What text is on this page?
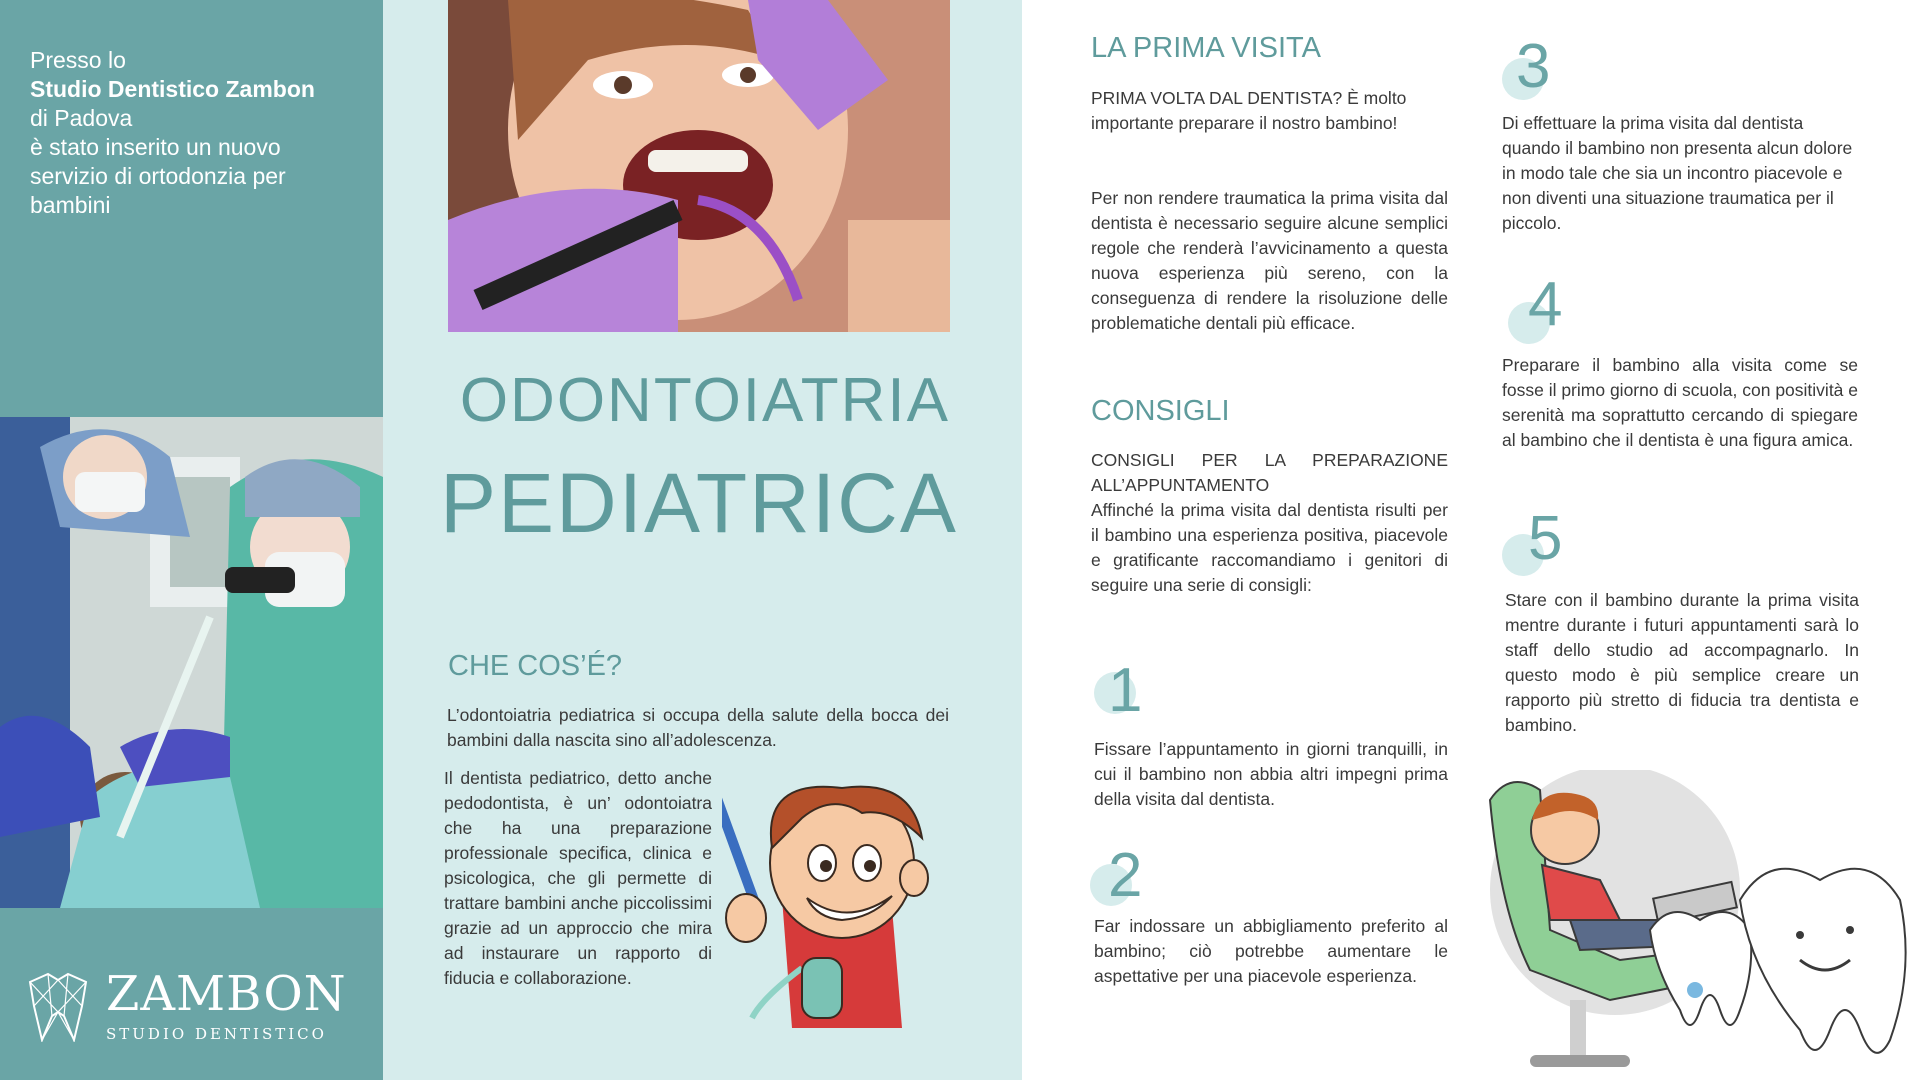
Presso lo
Studio Dentistico Zambon
di Padova
è stato inserito un nuovo
servizio di ortodonzia per
bambini
ZAMBON
STUDIO DENTISTICO
ODONTOIATRIA
PEDIATRICA
CHE COS’É?
L’odontoiatria pediatrica si occupa della salute della bocca dei bambini dalla nascita sino all’adolescenza.
Il dentista pediatrico, detto anche pedodontista, è un’ odontoiatra che ha una preparazione professionale specifica, clinica e psicologica, che gli permette di trattare bambini anche piccolissimi grazie ad un approccio che mira ad instaurare un rapporto di fiducia e collaborazione.
LA PRIMA VISITA
PRIMA VOLTA DAL DENTISTA? È molto importante preparare il nostro bambino!
Per non rendere traumatica la prima visita dal dentista è necessario seguire alcune semplici regole che renderà l’avvicinamento a questa nuova esperienza più sereno, con la conseguenza di rendere la risoluzione delle problematiche dentali più efficace.
CONSIGLI
CONSIGLI PER LA PREPARAZIONE ALL’APPUNTAMENTO
Affinché la prima visita dal dentista risulti per il bambino una esperienza positiva, piacevole e gratificante raccomandiamo i genitori di seguire una serie di consigli:
1
Fissare l’appuntamento in giorni tranquilli, in cui il bambino non abbia altri impegni prima della visita dal dentista.
2
Far indossare un abbigliamento preferito al bambino; ciò potrebbe aumentare le aspettative per una piacevole esperienza.
3
Di effettuare la prima visita dal dentista quando il bambino non presenta alcun dolore in modo tale che sia un incontro piacevole e non diventi una situazione traumatica per il piccolo.
4
Preparare il bambino alla visita come se fosse il primo giorno di scuola, con positività e serenità ma soprattutto cercando di spiegare al bambino che il dentista è una figura amica.
5
Stare con il bambino durante la prima visita mentre durante i futuri appuntamenti sarà lo staff dello studio ad accompagnarlo. In questo modo è più semplice creare un rapporto più stretto di fiducia tra dentista e bambino.
